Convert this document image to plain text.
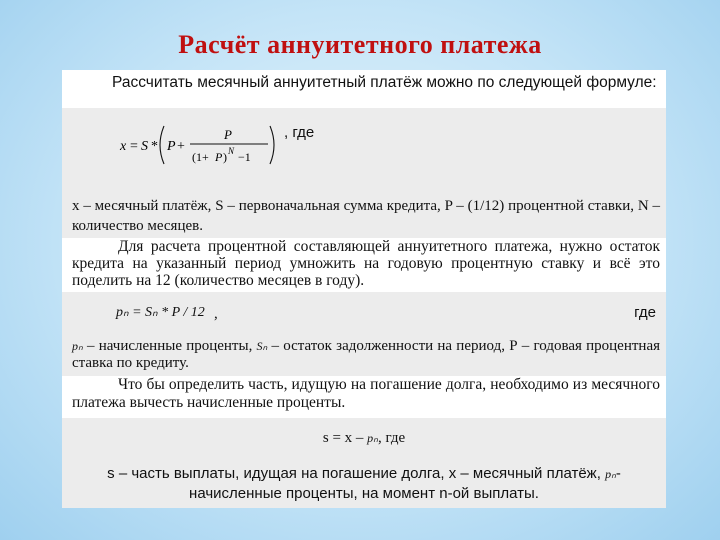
Расчёт аннуитетного платежа

Рассчитать месячный аннуитетный платёж можно по следующей формуле:

x = S * P +
P
(1+ P ) N −1
, где

x – месячный платёж, S – первоначальная сумма кредита, P – (1/12) процентной ставки, N – количество месяцев.

Для расчета процентной составляющей аннуитетного платежа, нужно остаток кредита на указанный период умножить на годовую процентную ставку и всё это поделить на 12 (количество месяцев в году).

pₙ = Sₙ * P / 12 ,	где

pₙ – начисленные проценты, Sₙ – остаток задолженности на период, Р – годовая процентная ставка по кредиту.

Что бы определить часть, идущую на погашение долга, необходимо из месячного платежа вычесть начисленные проценты.

s = x – pₙ, где

s – часть выплаты, идущая на погашение долга, x – месячный платёж, pₙ- начисленные проценты, на момент n-ой выплаты.
